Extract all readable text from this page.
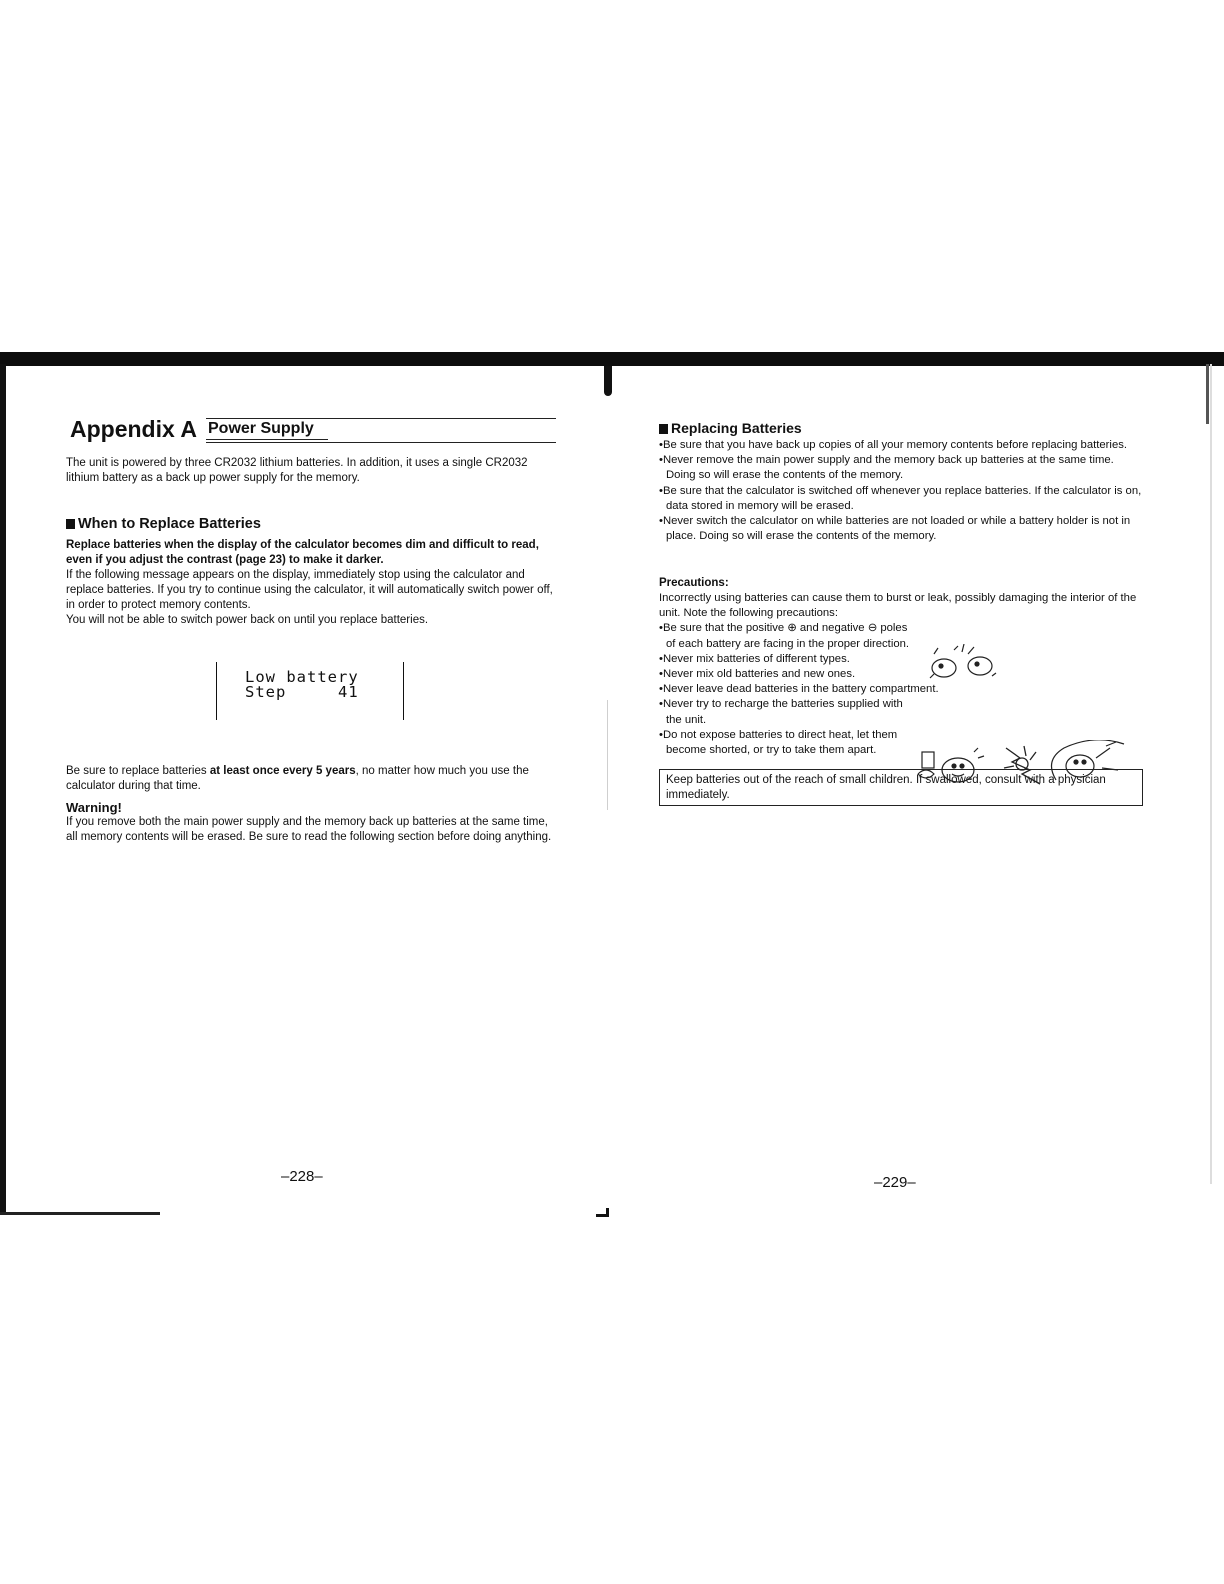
Appendix A Power Supply

The unit is powered by three CR2032 lithium batteries. In addition, it uses a single CR2032 lithium battery as a back up power supply for the memory.

When to Replace Batteries

Replace batteries when the display of the calculator becomes dim and difficult to read, even if you adjust the contrast (page 23) to make it darker.

If the following message appears on the display, immediately stop using the calculator and replace batteries. If you try to continue using the calculator, it will automatically switch power off, in order to protect memory contents.

You will not be able to switch power back on until you replace batteries.

Low battery
Step     41

Be sure to replace batteries at least once every 5 years, no matter how much you use the calculator during that time.

Warning!

If you remove both the main power supply and the memory back up batteries at the same time, all memory contents will be erased. Be sure to read the following section before doing anything.

–228–

Replacing Batteries

•Be sure that you have back up copies of all your memory contents before replacing batteries.
•Never remove the main power supply and the memory back up batteries at the same time. Doing so will erase the contents of the memory.
•Be sure that the calculator is switched off whenever you replace batteries. If the calculator is on, data stored in memory will be erased.
•Never switch the calculator on while batteries are not loaded or while a battery holder is not in place. Doing so will erase the contents of the memory.

Precautions:

Incorrectly using batteries can cause them to burst or leak, possibly damaging the interior of the unit. Note the following precautions:

•Be sure that the positive ⊕ and negative ⊖ poles of each battery are facing in the proper direction.
•Never mix batteries of different types.
•Never mix old batteries and new ones.
•Never leave dead batteries in the battery compartment.
•Never try to recharge the batteries supplied with the unit.
•Do not expose batteries to direct heat, let them become shorted, or try to take them apart.
Keep batteries out of the reach of small children. If swallowed, consult with a physician immediately.
–229–
